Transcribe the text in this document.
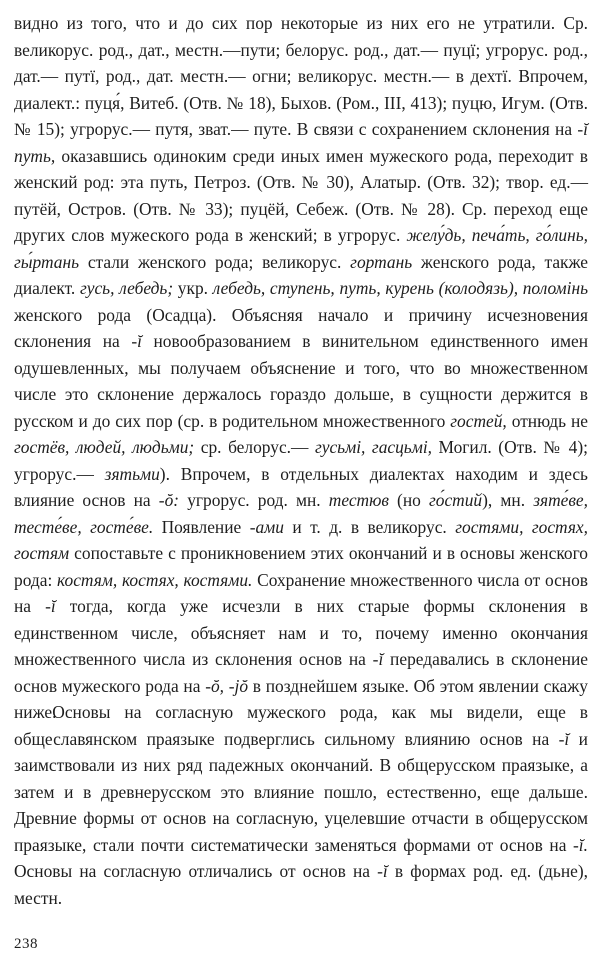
видно из того, что и до сих пор некоторые из них его не утратили. Ср. великорус. род., дат., местн.—пути; белорус. род., дат.— пуцї; угрорус. род., дат.— путї, род., дат. местн.— огни; великорус. местн.— в дехтї. Впрочем, диалект.: пуця́, Витеб. (Отв. № 18), Быхов. (Ром., III, 413); пуцю, Игум. (Отв. № 15); угрорус.— путя, зват.— путе. В связи с сохранением склонения на -ĭ путь, оказавшись одиноким среди иных имен мужеского рода, переходит в женский род: эта путь, Петроз. (Отв. № 30), Алатыр. (Отв. 32); твор. ед.— путёй, Остров. (Отв. № 33); пуцёй, Себеж. (Отв. № 28). Ср. переход еще других слов мужеского рода в женский; в угрорус. желу́дь, печа́ть, го́линь, гы́ртань стали женского рода; великорус. гортань женского рода, также диалект. гусь, лебедь; укр. лебедь, ступень, путь, курень (колодязь), поломiнь женского рода (Осадца). Объясняя начало и причину исчезновения склонения на -ĭ новообразованием в винительном единственного имен одушевленных, мы получаем объяснение и того, что во множественном числе это склонение держалось гораздо дольше, в сущности держится в русском и до сих пор (ср. в родительном множественного гостей, отнюдь не гостёв, людей, людьми; ср. белорус.— гусьмi, гасцьмi, Могил. (Отв. № 4); угрорус.— зятьми). Впрочем, в отдельных диалектах находим и здесь влияние основ на -ŏ: угрорус. род. мн. тестюв (но го́стий), мн. зяте́ве, тесте́ве, госте́ве. Появление -ами и т. д. в великорус. гостями, гостях, гостям сопоставьте с проникновением этих окончаний и в основы женского рода: костям, костях, костями. Сохранение множественного числа от основ на -ĭ тогда, когда уже исчезли в них старые формы склонения в единственном числе, объясняет нам и то, почему именно окончания множественного числа из склонения основ на -ĭ передавались в склонение основ мужеского рода на -ŏ, -jŏ в позднейшем языке. Об этом явлении скажу ниже.

Основы на согласную мужеского рода, как мы видели, еще в общеславянском праязыке подверглись сильному влиянию основ на -ĭ и заимствовали из них ряд падежных окончаний. В общерусском праязыке, а затем и в древнерусском это влияние пошло, естественно, еще дальше. Древние формы от основ на согласную, уцелевшие отчасти в общерусском праязыке, стали почти систематически заменяться формами от основ на -ĭ. Основы на согласную отличались от основ на -ĭ в формах род. ед. (дьне), местн.

238
